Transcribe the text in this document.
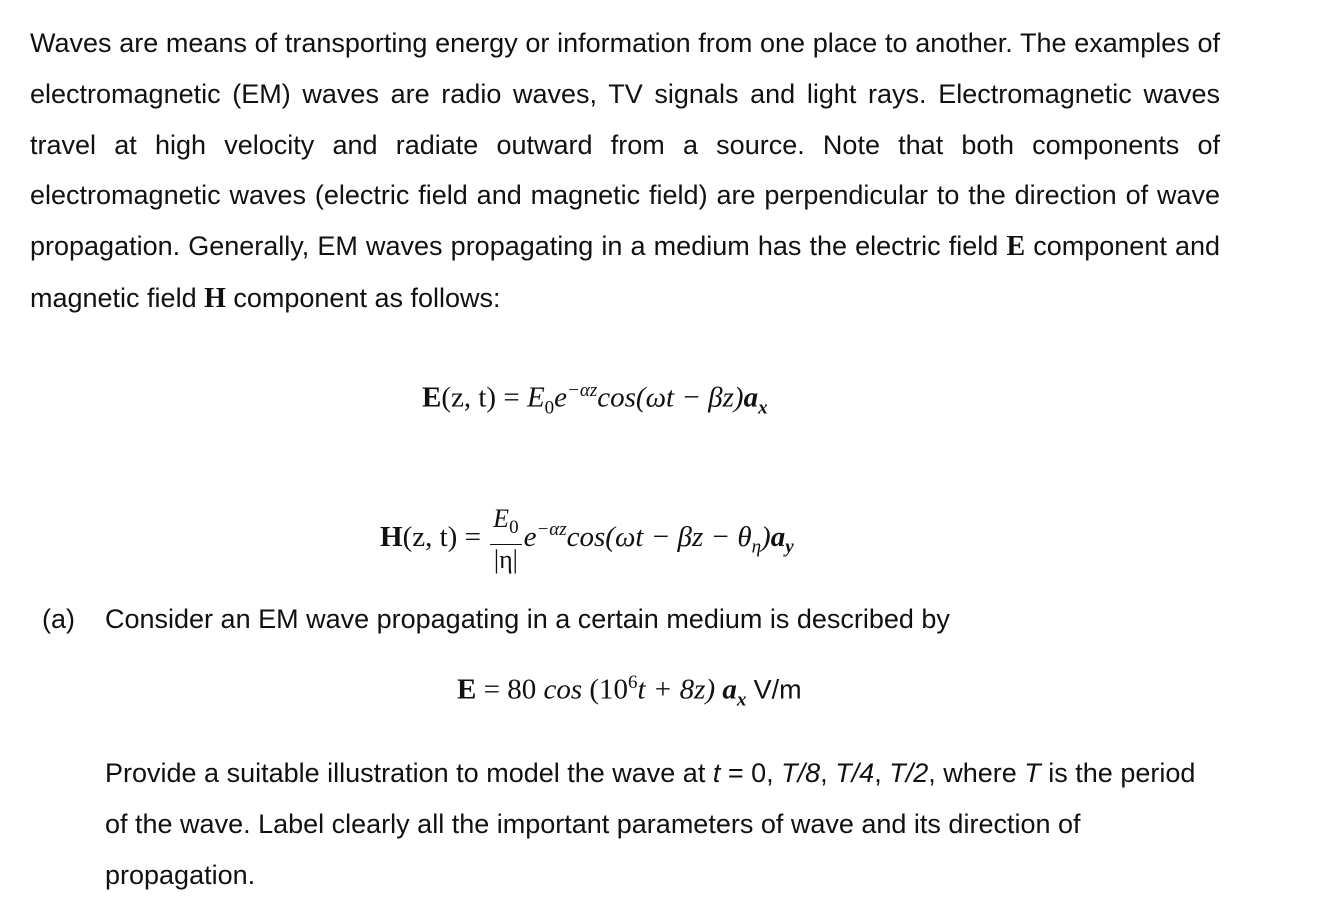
Waves are means of transporting energy or information from one place to another. The examples of electromagnetic (EM) waves are radio waves, TV signals and light rays. Electromagnetic waves travel at high velocity and radiate outward from a source. Note that both components of electromagnetic waves (electric field and magnetic field) are perpendicular to the direction of wave propagation. Generally, EM waves propagating in a medium has the electric field E component and magnetic field H component as follows:

E(z, $t) = E_0e^{-\alpha z}\cos(\omega t - \beta z)a_x$
H(z, $t) = \frac{E_0}{|\eta|} e^{-\alpha z}\cos(\omega t - \beta z - \theta_\eta)a_y$
(a) Consider an EM wave propagating in a certain medium is described by
E = 80 $\cos (10^6t + 8z)$ $a_x$ V/m

Provide a suitable illustration to model the wave at t = 0, T/8, T/4, T/2, where T is the period of the wave. Label clearly all the important parameters of wave and its direction of propagation.
